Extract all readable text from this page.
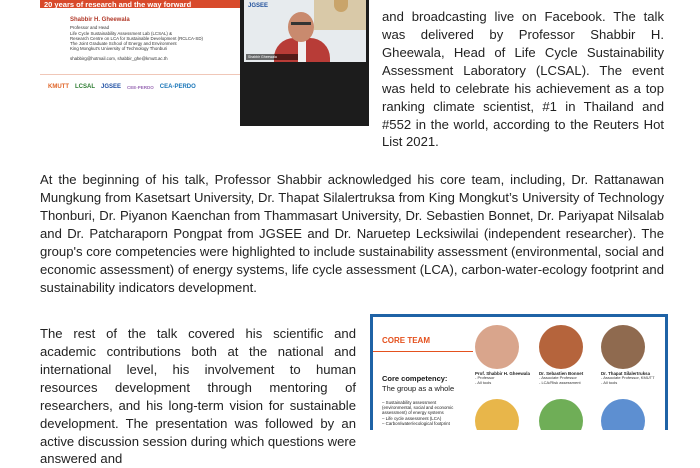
20 years of research and the way forward
Shabbir H. Gheewala
Professor and Head
Life Cycle Sustainability Assessment Lab (LCSAL) &
Research Centre on LCA for Sustainable Development (RCLCA-SD)
The Joint Graduate School of Energy and Environment
King Mongkut's University of Technology Thonburi
shabbirg@hotmail.com, shabbir_ghe@kmutt.ac.th
KMUTT LCSAL JGSEE CEE-PERDO CEA-PERDO
JGSEE
Shabbir Gheewala

and broadcasting live on Facebook. The talk was delivered by Professor Shabbir H. Gheewala, Head of Life Cycle Sustainability Assessment Laboratory (LCSAL). The event was held to celebrate his achievement as a top ranking climate scientist, #1 in Thailand and #552 in the world, according to the Reuters Hot List 2021.

At the beginning of his talk, Professor Shabbir acknowledged his core team, including, Dr. Rattanawan Mungkung from Kasetsart University, Dr. Thapat Silalertruksa from King Mongkut’s University of Technology Thonburi, Dr. Piyanon Kaenchan from Thammasart University, Dr. Sebastien Bonnet, Dr. Pariyapat Nilsalab and Dr. Patcharaporn Pongpat from JGSEE and Dr. Naruetep Lecksiwilai (independent researcher). The group's core competencies were highlighted to include sustainability assessment (environmental, social and economic assessment) of energy systems, life cycle assessment (LCA), carbon-water-ecology footprint and sustainability indicators development.

The rest of the talk covered his scientific and academic contributions both at the national and international level, his involvement to human resources development through mentoring of researchers, and his long-term vision for sustainable development. The presentation was followed by an active discussion session during which questions were answered and

CORE TEAM
Core competency:
The group as a whole
– Sustainability assessment
(environmental, social and economic
assessment) of energy systems
– Life cycle assessment (LCA)
– Carbon/water/ecological footprint
Prof. Shabbir H. Gheewala
- Professor
- All tools
Dr. Sebastien Bonnet
- Associate Professor
- LCA/Risk assessment
Dr. Thapat Silalertruksa
- Associate Professor, KMUTT
- All tools
